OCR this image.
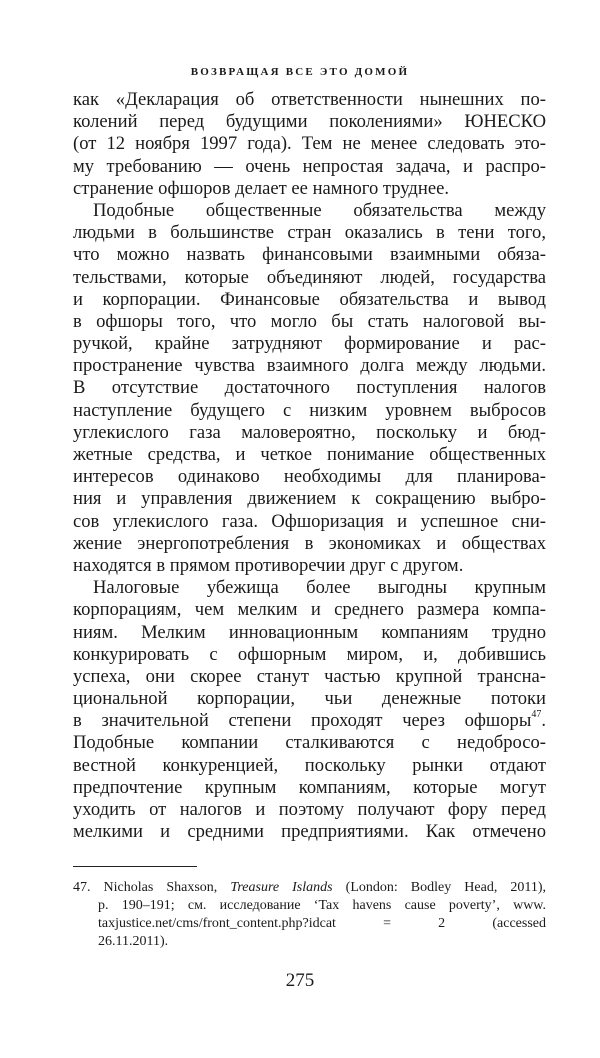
ВОЗВРАЩАЯ ВСЕ ЭТО ДОМОЙ
как «Декларация об ответственности нынешних по-
колений перед будущими поколениями» ЮНЕСКО
(от 12 ноября 1997 года). Тем не менее следовать это-
му требованию — очень непростая задача, и распро-
странение офшоров делает ее намного труднее.
Подобные общественные обязательства между
людьми в большинстве стран оказались в тени того,
что можно назвать финансовыми взаимными обяза-
тельствами, которые объединяют людей, государства
и корпорации. Финансовые обязательства и вывод
в офшоры того, что могло бы стать налоговой вы-
ручкой, крайне затрудняют формирование и рас-
пространение чувства взаимного долга между людьми.
В отсутствие достаточного поступления налогов
наступление будущего с низким уровнем выбросов
углекислого газа маловероятно, поскольку и бюд-
жетные средства, и четкое понимание общественных
интересов одинаково необходимы для планирова-
ния и управления движением к сокращению выбро-
сов углекислого газа. Офшоризация и успешное сни-
жение энергопотребления в экономиках и обществах
находятся в прямом противоречии друг с другом.
Налоговые убежища более выгодны крупным
корпорациям, чем мелким и среднего размера компа-
ниям. Мелким инновационным компаниям трудно
конкурировать с офшорным миром, и, добившись
успеха, они скорее станут частью крупной транснa-
циональной корпорации, чьи денежные потоки
в значительной степени проходят через офшоры$^{47}$.
Подобные компании сталкиваются с недобросо-
вестной конкуренцией, поскольку рынки отдают
предпочтение крупным компаниям, которые могут
уходить от налогов и поэтому получают фору перед
мелкими и средними предприятиями. Как отмечено
47. Nicholas Shaxson, Treasure Islands (London: Bodley Head, 2011),
p. 190–191; см. исследование ‘Tax havens cause poverty’, www.
taxjustice.net/cms/front_content.php?idcat = 2 (accessed
26.11.2011).
275
